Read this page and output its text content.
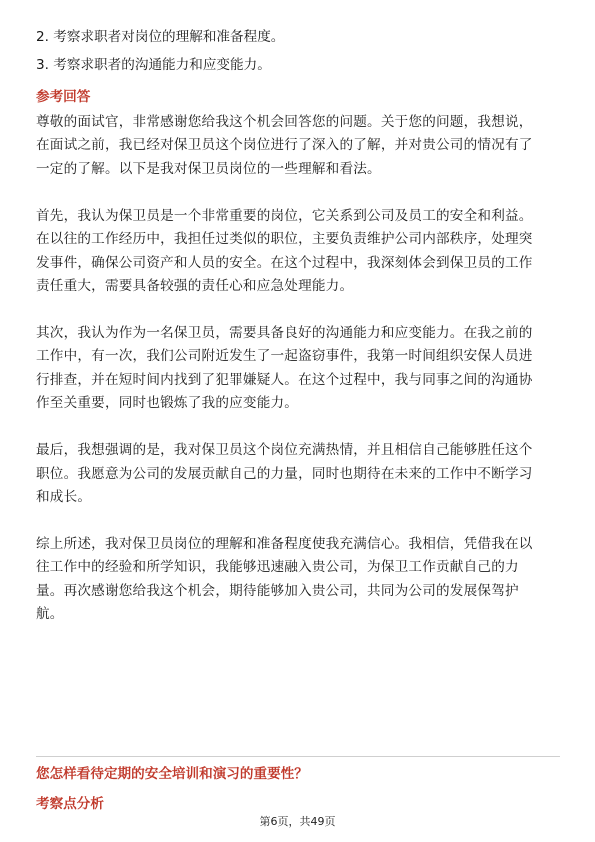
2. 考察求职者对岗位的理解和准备程度。
3. 考察求职者的沟通能力和应变能力。
参考回答
尊敬的面试官，非常感谢您给我这个机会回答您的问题。关于您的问题，我想说，
在面试之前，我已经对保卫员这个岗位进行了深入的了解，并对贵公司的情况有了
一定的了解。以下是我对保卫员岗位的一些理解和看法。
首先，我认为保卫员是一个非常重要的岗位，它关系到公司及员工的安全和利益。
在以往的工作经历中，我担任过类似的职位，主要负责维护公司内部秩序，处理突
发事件，确保公司资产和人员的安全。在这个过程中，我深刻体会到保卫员的工作
责任重大，需要具备较强的责任心和应急处理能力。
其次，我认为作为一名保卫员，需要具备良好的沟通能力和应变能力。在我之前的
工作中，有一次，我们公司附近发生了一起盗窃事件，我第一时间组织安保人员进
行排查，并在短时间内找到了犯罪嫌疑人。在这个过程中，我与同事之间的沟通协
作至关重要，同时也锻炼了我的应变能力。
最后，我想强调的是，我对保卫员这个岗位充满热情，并且相信自己能够胜任这个
职位。我愿意为公司的发展贡献自己的力量，同时也期待在未来的工作中不断学习
和成长。
综上所述，我对保卫员岗位的理解和准备程度使我充满信心。我相信，凭借我在以
往工作中的经验和所学知识，我能够迅速融入贵公司，为保卫工作贡献自己的力
量。再次感谢您给我这个机会，期待能够加入贵公司，共同为公司的发展保驾护
航。
您怎样看待定期的安全培训和演习的重要性？
考察点分析
第6页，共49页
